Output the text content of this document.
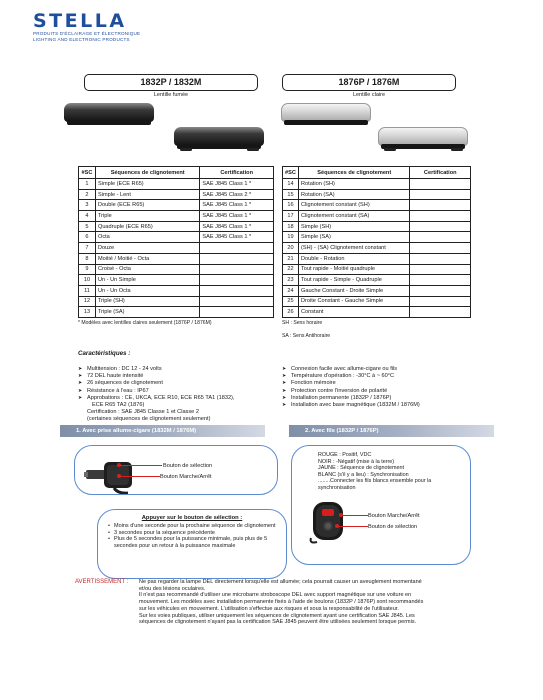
STELLA
PRODUITS D'ÉCLAIRAGE ET ÉLECTRONIQUE
LIGHTING AND ELECTRONIC PRODUCTS
1832P / 1832M
Lentille fumée
1876P / 1876M
Lentille claire
#SC	Séquences de clignotement	Certification
1	Simple (ECE R65)	SAE J845 Class 1 *
2	Simple - Lent	SAE J845 Class 2 *
3	Double (ECE R65)	SAE J845 Class 1 *
4	Triple	SAE J845 Class 1 *
5	Quadruple (ECE R65)	SAE J845 Class 1 *
6	Octa	SAE J845 Class 1 *
7	Douze	
8	Moitié / Moitié - Octa	
9	Croisé - Octa	
10	Un - Un Simple	
11	Un - Un Octa	
12	Triple (SH)	
13	Triple (SA)	
#SC	Séquences de clignotement	Certification
14	Rotation (SH)	
15	Rotation (SA)	
16	Clignotement constant (SH)	
17	Clignotement constant (SA)	
18	Simple (SH)	
19	Simple (SA)	
20	(SH) - (SA) Clignotement constant	
21	Double - Rotation	
22	Tout rapide - Moitié quadruple	
23	Tout rapide - Simple - Quadruple	
24	Gauche Constant - Droite Simple	
25	Droite Constant - Gauche Simple	
26	Constant	
* Modèles avec lentilles claires seulement (1876P / 1876M)	SH : Sens horaire
SA : Sens Antihoraire
Caractéristiques :
➤ Multitension : DC 12 - 24 volts
➤ 72 DEL haute intensité
➤ 26 séquences de clignotement
➤ Résistance à l'eau : IP67
➤ Approbations : CE, UKCA, ECE R10, ECE R65 TA1 (1832),
ECE R65 TA2 (1876)
Certification : SAE J845 Classe 1 et Classe 2
(certaines séquences de clignotement seulement)
➤ Connexion facile avec allume-cigare ou fils
➤ Température d'opération : -30°C à ~ 60°C
➤ Fonction mémoire
➤ Protection contre l'inversion de polarité
➤ Installation permanente (1832P / 1876P)
➤ Installation avec base magnétique (1832M / 1876M)
1. Avec prise allume-cigare (1832M / 1876M)	2. Avec fils (1832P / 1876P)
Bouton de sélection
Bouton Marche/Arrêt
Appuyer sur le bouton de sélection :
• Moins d'une seconde pour la prochaine séquence de clignotement
• 3 secondes pour la séquence précédente
• Plus de 5 secondes pour la puissance minimale, puis plus de 5 secondes pour un retour à la puissance maximale
ROUGE : Positif, VDC
NOIR : -Négatif (mise à la terre)
JAUNE : Séquence de clignotement
BLANC (s'il y a lieu) : Synchronisation
........Connecter les fils blancs ensemble pour la
synchronisation
Bouton Marche/Arrêt
Bouton de sélection
AVERTISSEMENT : Ne pas regarder la lampe DEL directement lorsqu'elle est allumée; cela pourrait causer un aveuglement momentané
et/ou des lésions oculaires.
Il n'est pas recommandé d'utiliser une microbarre stroboscope DEL avec support magnétique sur une voiture en
mouvement. Les modèles avec installation permanente fixés à l'aide de boulons (1832P / 1876P) sont recommandés
sur les véhicules en mouvement. L'utilisation s'effectue aux risques et sous la responsabilité de l'utilisateur.
Sur les voies publiques, utiliser uniquement les séquences de clignotement ayant une certification SAE J845. Les
séquences de clignotement n'ayant pas la certification SAE J845 peuvent être utilisées seulement lorsque permis.
